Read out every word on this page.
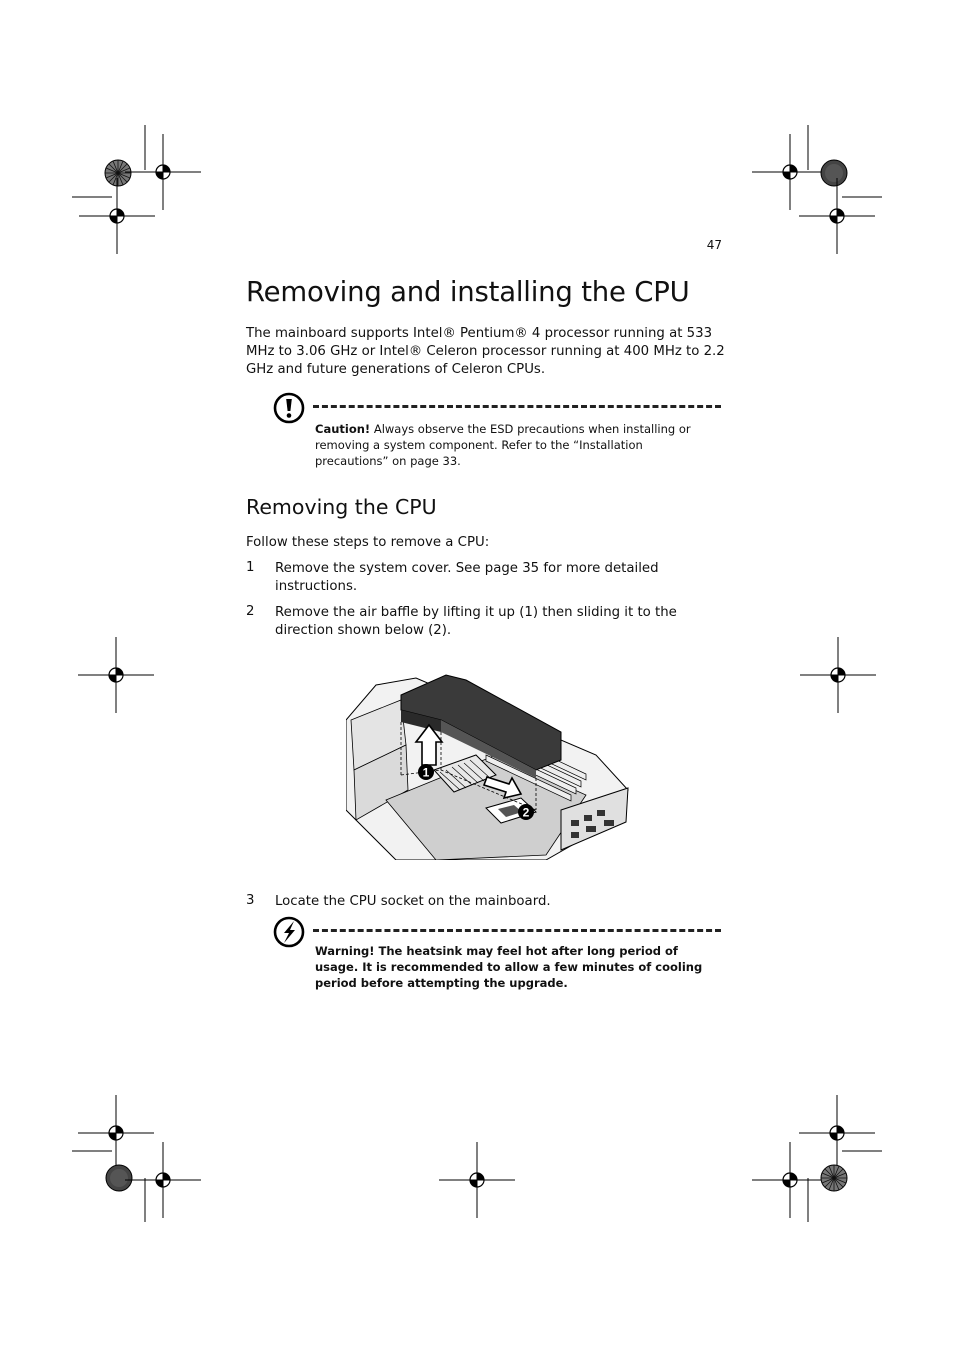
47
Removing and installing the CPU

The mainboard supports Intel® Pentium® 4 processor running at 533 MHz to 3.06 GHz or Intel® Celeron processor running at 400 MHz to 2.2 GHz and future generations of Celeron CPUs.

Caution! Always observe the ESD precautions when installing or removing a system component. Refer to the “Installation precautions” on page 33.

Removing the CPU

Follow these steps to remove a CPU:

1 Remove the system cover. See page 35 for more detailed instructions.

2 Remove the air baffle by lifting it up (1) then sliding it to the direction shown below (2).

1
2
3 Locate the CPU socket on the mainboard.

Warning! The heatsink may feel hot after long period of usage. It is recommended to allow a few minutes of cooling period before attempting the upgrade.
